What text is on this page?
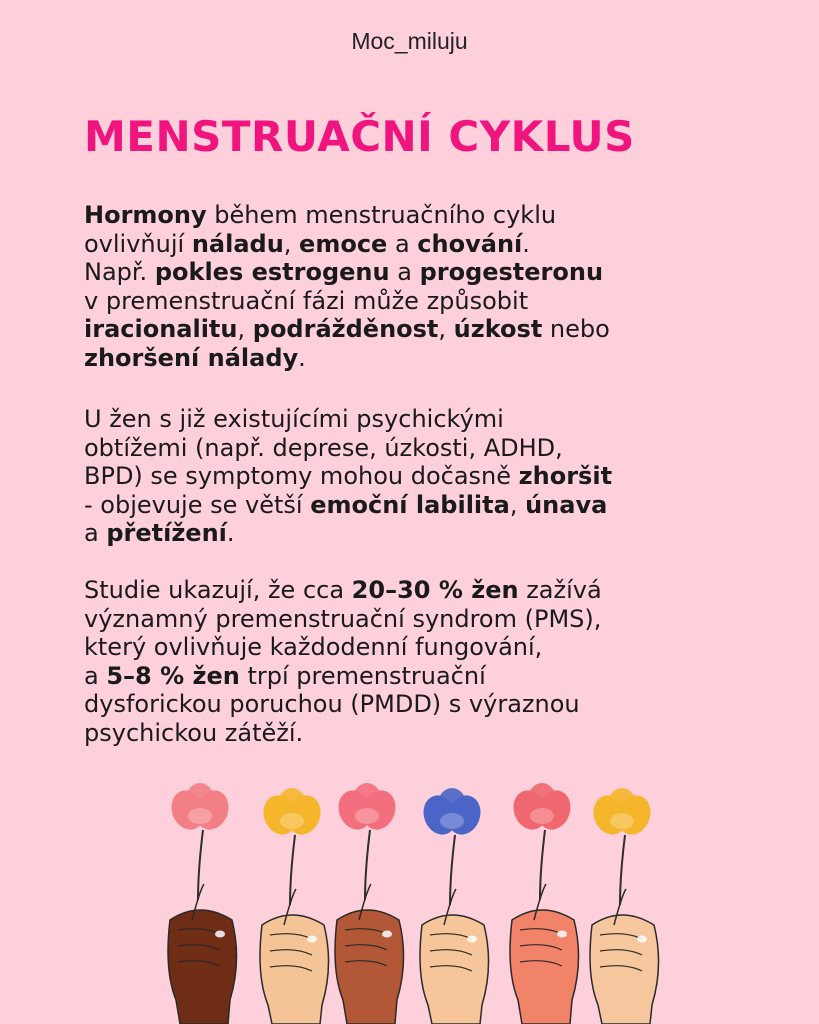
Moc_miluju
MENSTRUAČNÍ CYKLUS

Hormony během menstruačního cyklu
ovlivňují náladu, emoce a chování.
Např. pokles estrogenu a progesteronu
v premenstruační fázi může způsobit
iracionalitu, podrážděnost, úzkost nebo
zhoršení nálady.

U žen s již existujícími psychickými
obtížemi (např. deprese, úzkosti, ADHD,
BPD) se symptomy mohou dočasně zhoršit
- objevuje se větší emoční labilita, únava
a přetížení.

Studie ukazují, že cca 20–30 % žen zažívá
významný premenstruační syndrom (PMS),
který ovlivňuje každodenní fungování,
a 5–8 % žen trpí premenstruační
dysforickou poruchou (PMDD) s výraznou
psychickou zátěží.
